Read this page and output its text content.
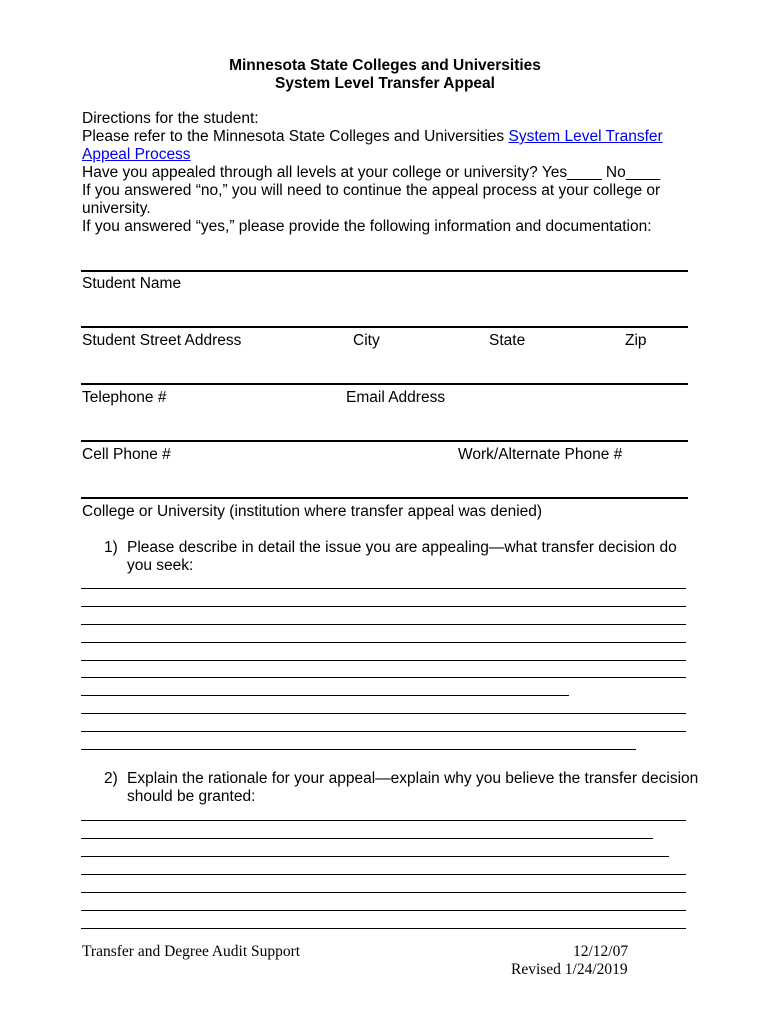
Minnesota State Colleges and Universities
System Level Transfer Appeal
Directions for the student:
Please refer to the Minnesota State Colleges and Universities System Level Transfer
Appeal Process
Have you appealed through all levels at your college or university? Yes____ No____
If you answered “no,” you will need to continue the appeal process at your college or
university.
If you answered “yes,” please provide the following information and documentation:
Student Name
Student Street Address	City	State	Zip
Telephone #	Email Address
Cell Phone #	Work/Alternate Phone #
College or University (institution where transfer appeal was denied)
1) Please describe in detail the issue you are appealing—what transfer decision do
you seek:
2) Explain the rationale for your appeal—explain why you believe the transfer decision
should be granted:
Transfer and Degree Audit Support	12/12/07
Revised 1/24/2019
